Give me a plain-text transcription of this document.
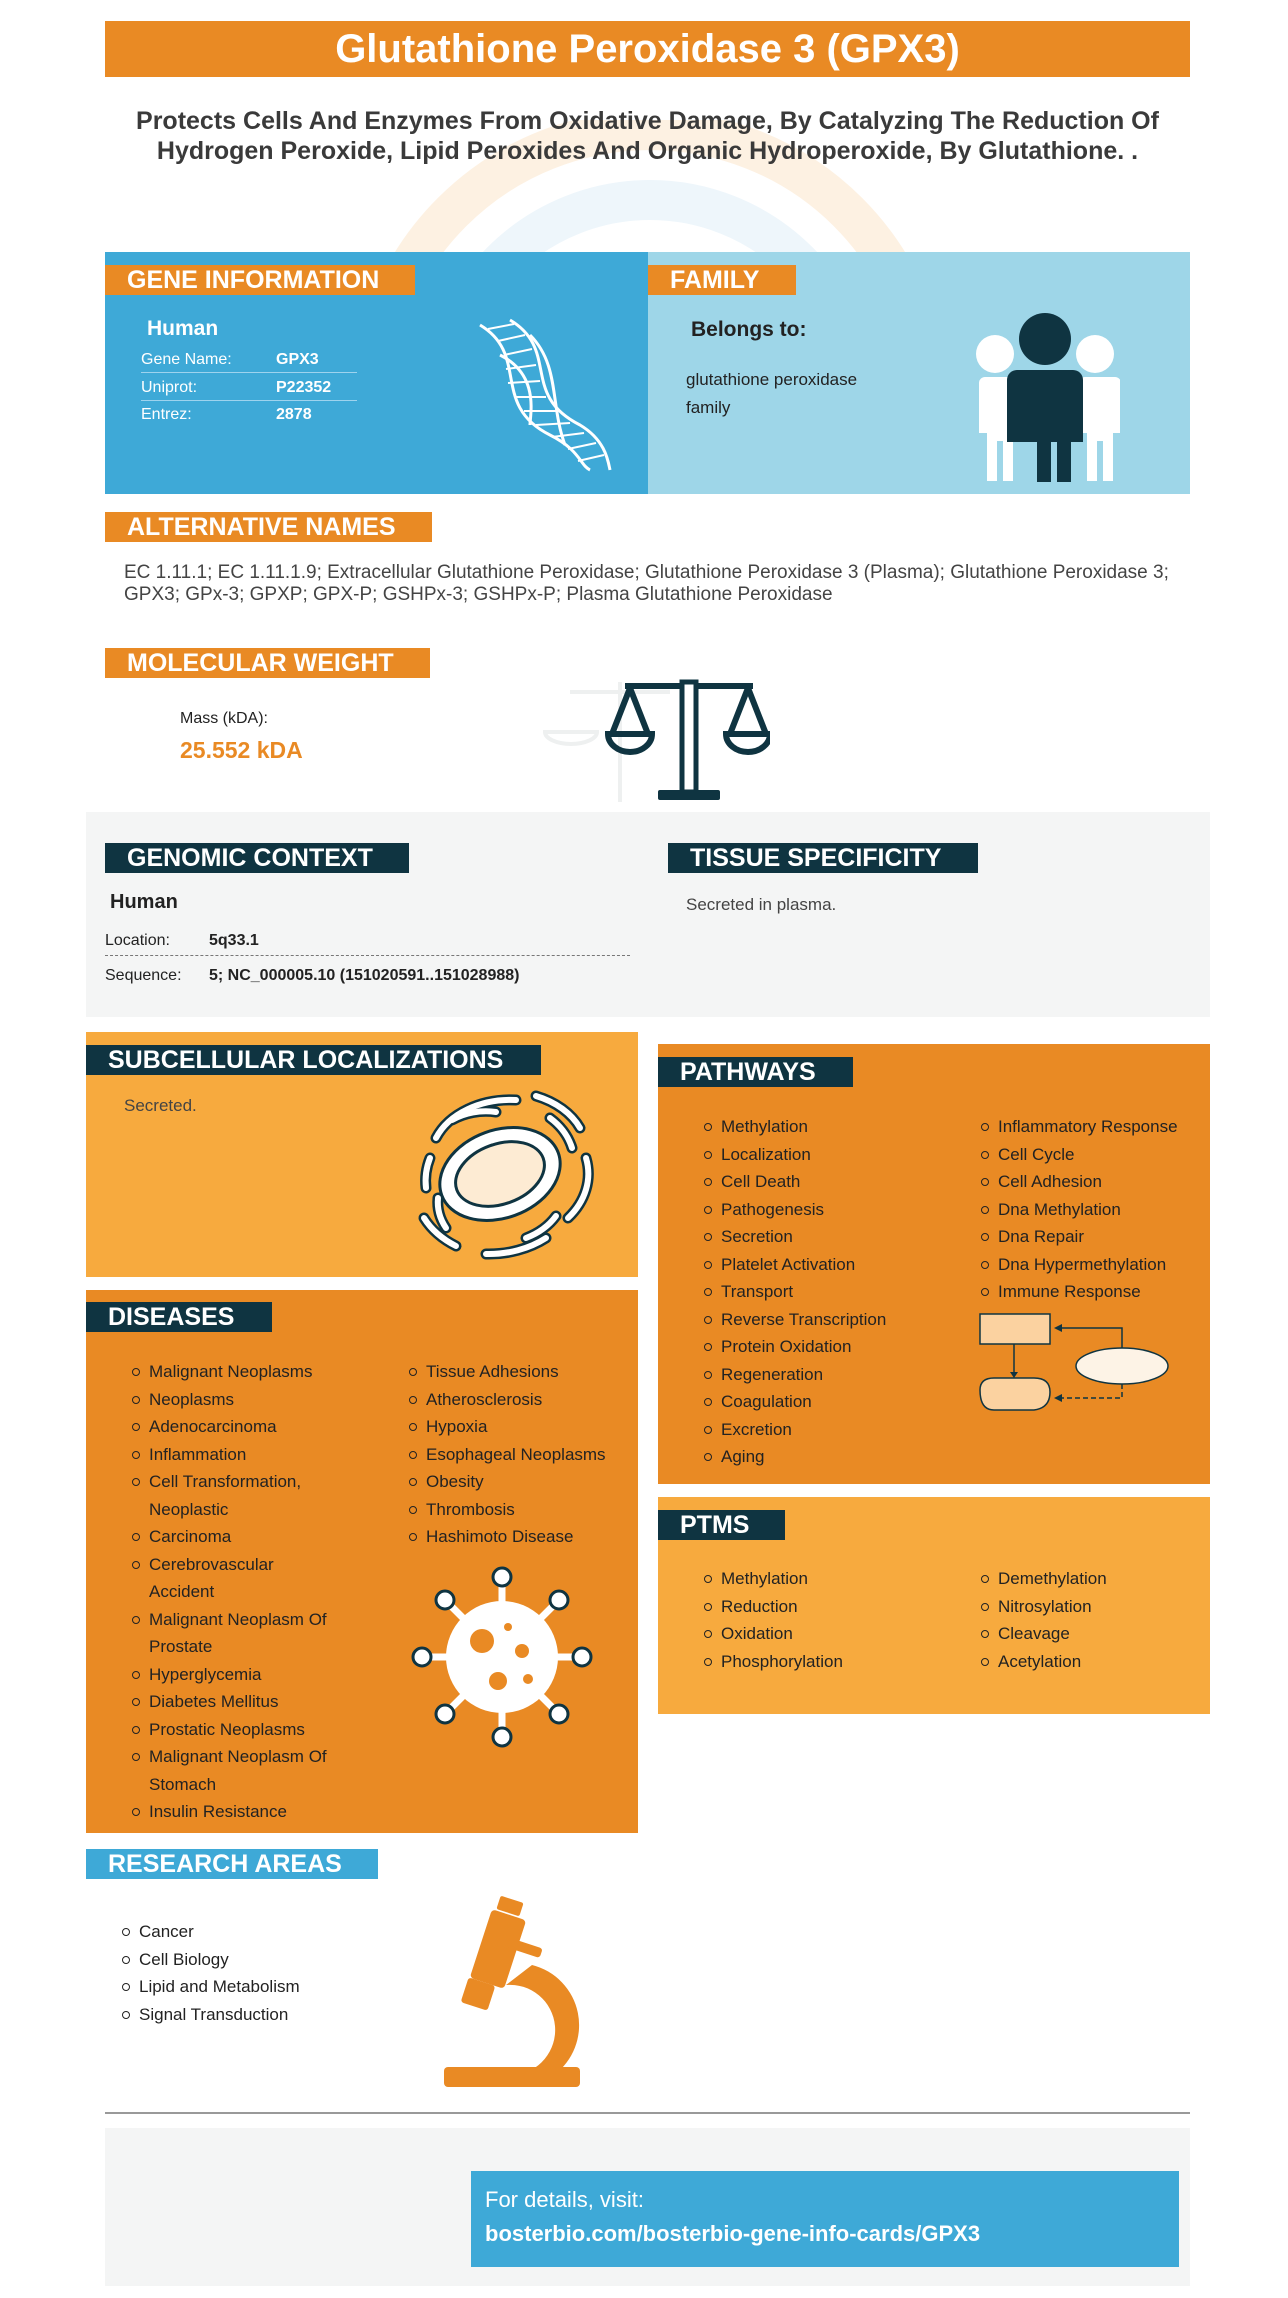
Glutathione Peroxidase 3 (GPX3)
Protects Cells And Enzymes From Oxidative Damage, By Catalyzing The Reduction Of Hydrogen Peroxide, Lipid Peroxides And Organic Hydroperoxide, By Glutathione. .
GENE INFORMATION
Human
Gene Name:	GPX3
Uniprot:	P22352
Entrez:	2878
FAMILY
Belongs to:
glutathione peroxidase family
ALTERNATIVE NAMES
EC 1.11.1; EC 1.11.1.9; Extracellular Glutathione Peroxidase; Glutathione Peroxidase 3 (Plasma); Glutathione Peroxidase 3; GPX3; GPx-3; GPXP; GPX-P; GSHPx-3; GSHPx-P; Plasma Glutathione Peroxidase
MOLECULAR WEIGHT
Mass (kDA):
25.552 kDA
GENOMIC CONTEXT
Human
Location: 5q33.1
Sequence: 5; NC_000005.10 (151020591..151028988)
TISSUE SPECIFICITY
Secreted in plasma.
SUBCELLULAR LOCALIZATIONS
Secreted.
DISEASES
Malignant Neoplasms
Neoplasms
Adenocarcinoma
Inflammation
Cell Transformation, Neoplastic
Carcinoma
Cerebrovascular Accident
Malignant Neoplasm Of Prostate
Hyperglycemia
Diabetes Mellitus
Prostatic Neoplasms
Malignant Neoplasm Of Stomach
Insulin Resistance
Tissue Adhesions
Atherosclerosis
Hypoxia
Esophageal Neoplasms
Obesity
Thrombosis
Hashimoto Disease
PATHWAYS
Methylation
Localization
Cell Death
Pathogenesis
Secretion
Platelet Activation
Transport
Reverse Transcription
Protein Oxidation
Regeneration
Coagulation
Excretion
Aging
Inflammatory Response
Cell Cycle
Cell Adhesion
Dna Methylation
Dna Repair
Dna Hypermethylation
Immune Response
PTMS
Methylation
Reduction
Oxidation
Phosphorylation
Demethylation
Nitrosylation
Cleavage
Acetylation
RESEARCH AREAS
Cancer
Cell Biology
Lipid and Metabolism
Signal Transduction
For details, visit:
bosterbio.com/bosterbio-gene-info-cards/GPX3
